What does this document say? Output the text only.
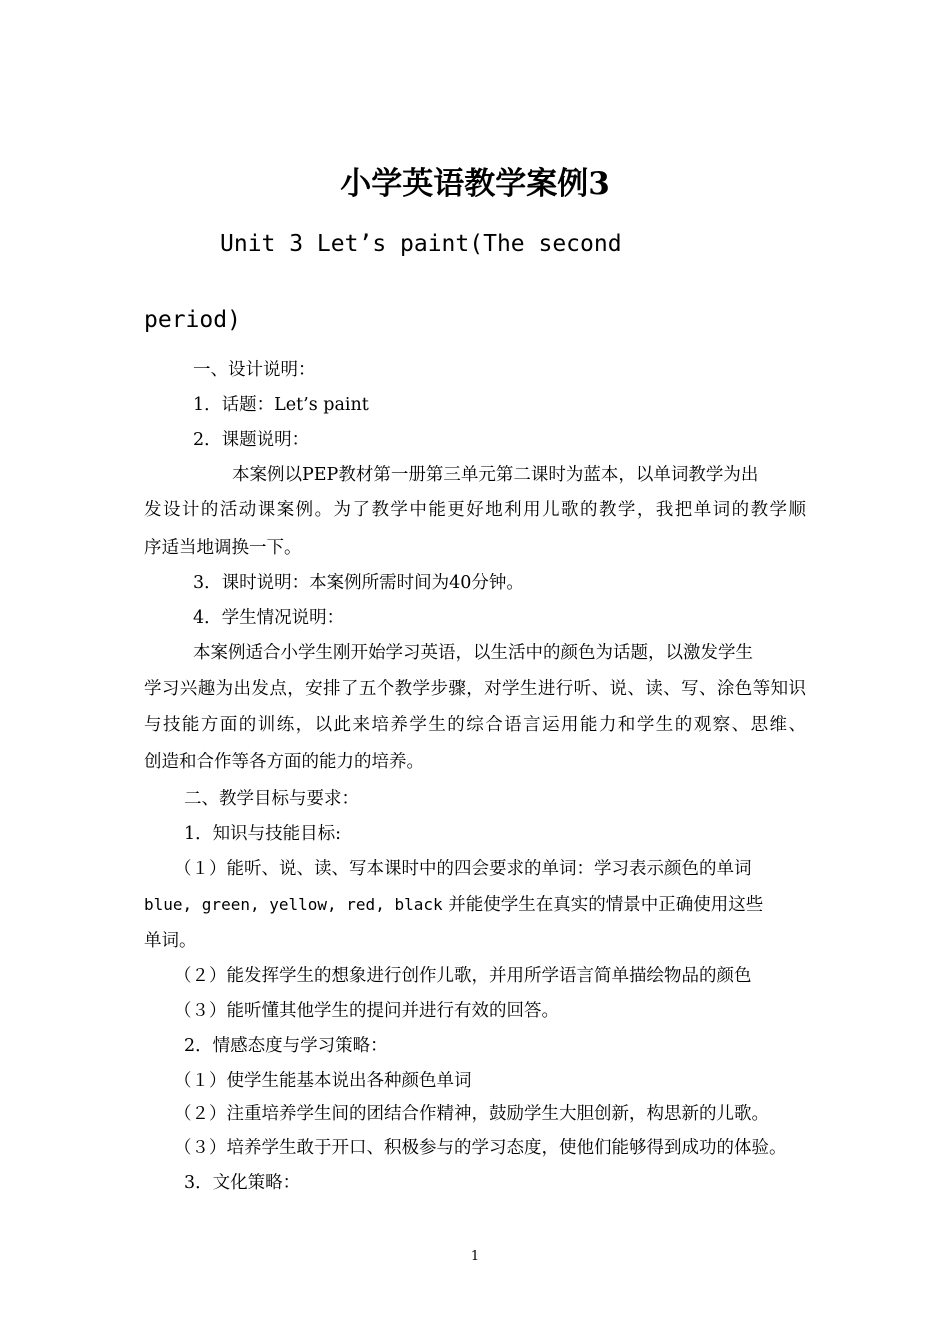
小学英语教学案例3
Unit 3 Let’s paint(The second
period)
一、设计说明：
1．话题：Let’s paint
2．课题说明：
本案例以PEP教材第一册第三单元第二课时为蓝本，以单词教学为出
发设计的活动课案例。为了教学中能更好地利用儿歌的教学，我把单词的教学顺
序适当地调换一下。
3．课时说明：本案例所需时间为40分钟。
4．学生情况说明：
本案例适合小学生刚开始学习英语，以生活中的颜色为话题，以激发学生
学习兴趣为出发点，安排了五个教学步骤，对学生进行听、说、读、写、涂色等知识
与技能方面的训练，以此来培养学生的综合语言运用能力和学生的观察、思维、
创造和合作等各方面的能力的培养。
二、教学目标与要求：
1．知识与技能目标:
（１）能听、说、读、写本课时中的四会要求的单词：学习表示颜色的单词
blue, green, yellow, red, black 并能使学生在真实的情景中正确使用这些
单词。
（２）能发挥学生的想象进行创作儿歌，并用所学语言简单描绘物品的颜色
（３）能听懂其他学生的提问并进行有效的回答。
2．情感态度与学习策略：
（１）使学生能基本说出各种颜色单词
（２）注重培养学生间的团结合作精神，鼓励学生大胆创新，构思新的儿歌。
（３）培养学生敢于开口、积极参与的学习态度，使他们能够得到成功的体验。
3．文化策略：
1
